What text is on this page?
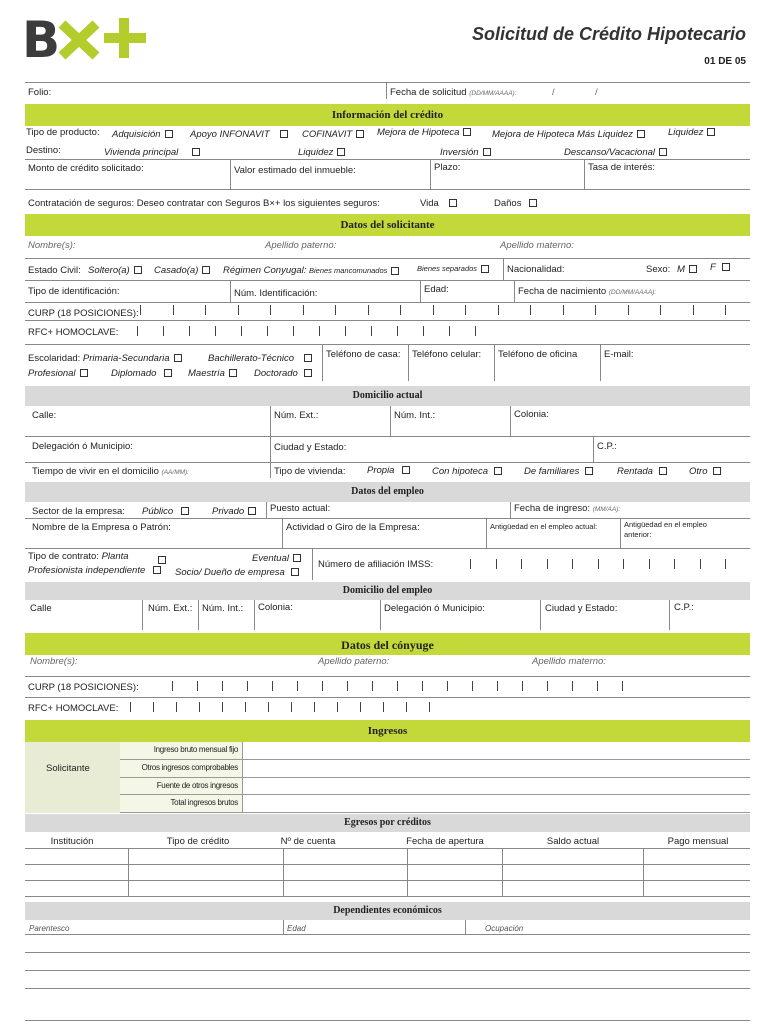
B	Solicitud de Crédito Hipotecario
01 DE 05
Folio:	Fecha de solicitud (DD/MM/AAAA):	/	/
Información del crédito
Tipo de producto: Adquisición	Apoyo INFONAVIT	COFINAVIT	Mejora de Hipoteca	Mejora de Hipoteca Más Liquidez	Liquidez
Destino:	Vivienda principal	Liquidez	Inversión	Descanso/Vacacional
Monto de crédito solicitado:	Valor estimado del inmueble:	Plazo:	Tasa de interés:
Contratación de seguros: Deseo contratar con Seguros B×+ los siguientes seguros:	Vida	Daños
Datos del solicitante
Nombre(s):	Apellido paterno:	Apellido materno:
Estado Civil: Soltero(a)	Casado(a)	Régimen Conyugal: Bienes mancomunados	Bienes separados	Nacionalidad:	Sexo: M	F
Tipo de identificación:	Núm. Identificación:	Edad:	Fecha de nacimiento (DD/MM/AAAA):
CURP (18 POSICIONES):
RFC+ HOMOCLAVE:
Escolaridad: Primaria-Secundaria	Bachillerato-Técnico
Profesional	Diplomado	Maestría	Doctorado
Teléfono de casa: Teléfono celular: Teléfono de oficina	E-mail:
Domicilio actual
Calle:	Núm. Ext.:	Núm. Int.:	Colonia:
Delegación ó Municipio:	Ciudad y Estado:	C.P.:
Tiempo de vivir en el domicilio (AA/MM):	Tipo de vivienda: Propia	Con hipoteca	De familiares	Rentada	Otro
Datos del empleo
Sector de la empresa: Público	Privado	Puesto actual:	Fecha de ingreso: (MM/AA):
Nombre de la Empresa o Patrón:	Actividad o Giro de la Empresa:	Antigüedad en el empleo actual:	Antigüedad en el empleo anterior:
Tipo de contrato: Planta	Eventual
Profesionista independiente	Socio/ Dueño de empresa
Número de afiliación IMSS:
Domicilio del empleo
Calle	Núm. Ext.: Núm. Int.: Colonia:	Delegación ó Municipio:	Ciudad y Estado:	C.P.:
Datos del cónyuge
Nombre(s):	Apellido paterno:	Apellido materno:
CURP (18 POSICIONES):
RFC+ HOMOCLAVE:
Ingresos
Solicitante
Ingreso bruto mensual fijo
Otros ingresos comprobables
Fuente de otros ingresos
Total ingresos brutos
Egresos por créditos
Institución	Tipo de crédito	Nº de cuenta	Fecha de apertura	Saldo actual	Pago mensual
Dependientes económicos
Parentesco	Edad	Ocupación
